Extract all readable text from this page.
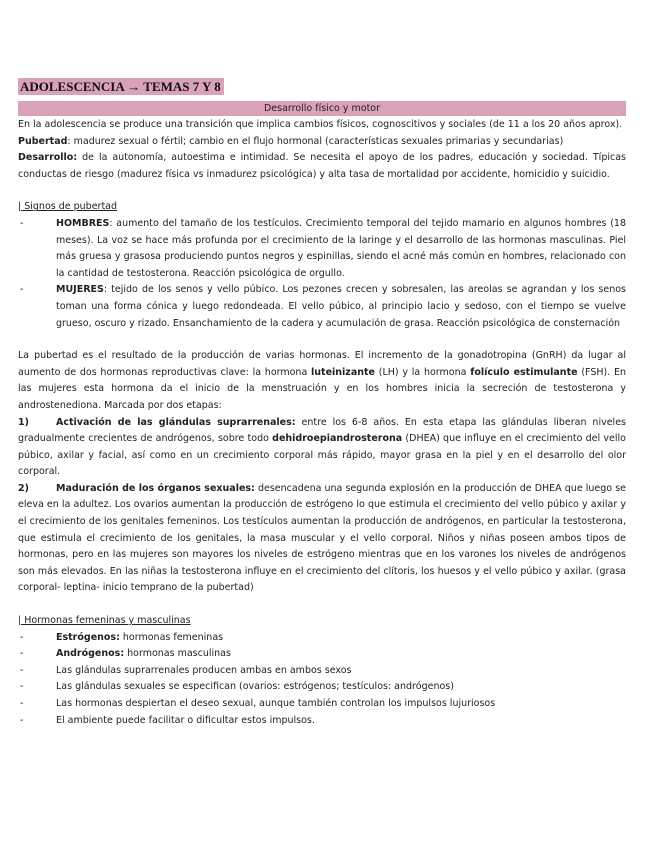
ADOLESCENCIA → TEMAS 7 Y 8
Desarrollo físico y motor

En la adolescencia se produce una transición que implica cambios físicos, cognoscitivos y sociales (de 11 a los 20 años aprox).

Pubertad: madurez sexual o fértil; cambio en el flujo hormonal (características sexuales primarias y secundarias)

Desarrollo: de la autonomía, autoestima e intimidad. Se necesita el apoyo de los padres, educación y sociedad. Típicas conductas de riesgo (madurez física vs inmadurez psicológica) y alta tasa de mortalidad por accidente, homicidio y suicidio.

| Signos de pubertad

-	HOMBRES: aumento del tamaño de los testículos. Crecimiento temporal del tejido mamario en algunos hombres (18 meses). La voz se hace más profunda por el crecimiento de la laringe y el desarrollo de las hormonas masculinas. Piel más gruesa y grasosa produciendo puntos negros y espinillas, siendo el acné más común en hombres, relacionado con la cantidad de testosterona. Reacción psicológica de orgullo.
-	MUJERES: tejido de los senos y vello púbico. Los pezones crecen y sobresalen, las areolas se agrandan y los senos toman una forma cónica y luego redondeada. El vello púbico, al principio lacio y sedoso, con el tiempo se vuelve grueso, oscuro y rizado. Ensanchamiento de la cadera y acumulación de grasa. Reacción psicológica de consternación

La pubertad es el resultado de la producción de varias hormonas. El incremento de la gonadotropina (GnRH) da lugar al aumento de dos hormonas reproductivas clave: la hormona luteinizante (LH) y la hormona folículo estimulante (FSH). En las mujeres esta hormona da el inicio de la menstruación y en los hombres inicia la secreción de testosterona y androstenediona. Marcada por dos etapas:

1)	Activación de las glándulas suprarrenales: entre los 6-8 años. En esta etapa las glándulas liberan niveles gradualmente crecientes de andrógenos, sobre todo dehidroepiandrosterona (DHEA) que influye en el crecimiento del vello púbico, axilar y facial, así como en un crecimiento corporal más rápido, mayor grasa en la piel y en el desarrollo del olor corporal.

2)	Maduración de los órganos sexuales: desencadena una segunda explosión en la producción de DHEA que luego se eleva en la adultez. Los ovarios aumentan la producción de estrógeno lo que estimula el crecimiento del vello púbico y axilar y el crecimiento de los genitales femeninos. Los testículos aumentan la producción de andrógenos, en particular la testosterona, que estimula el crecimiento de los genitales, la masa muscular y el vello corporal. Niños y niñas poseen ambos tipos de hormonas, pero en las mujeres son mayores los niveles de estrógeno mientras que en los varones los niveles de andrógenos son más elevados. En las niñas la testosterona influye en el crecimiento del clítoris, los huesos y el vello púbico y axilar. (grasa corporal- leptina- inicio temprano de la pubertad)

| Hormonas femeninas y masculinas

-	Estrógenos: hormonas femeninas
-	Andrógenos: hormonas masculinas
-	Las glándulas suprarrenales producen ambas en ambos sexos
-	Las glándulas sexuales se especifican (ovarios: estrógenos; testículos: andrógenos)
-	Las hormonas despiertan el deseo sexual, aunque también controlan los impulsos lujuriosos
-	El ambiente puede facilitar o dificultar estos impulsos.
